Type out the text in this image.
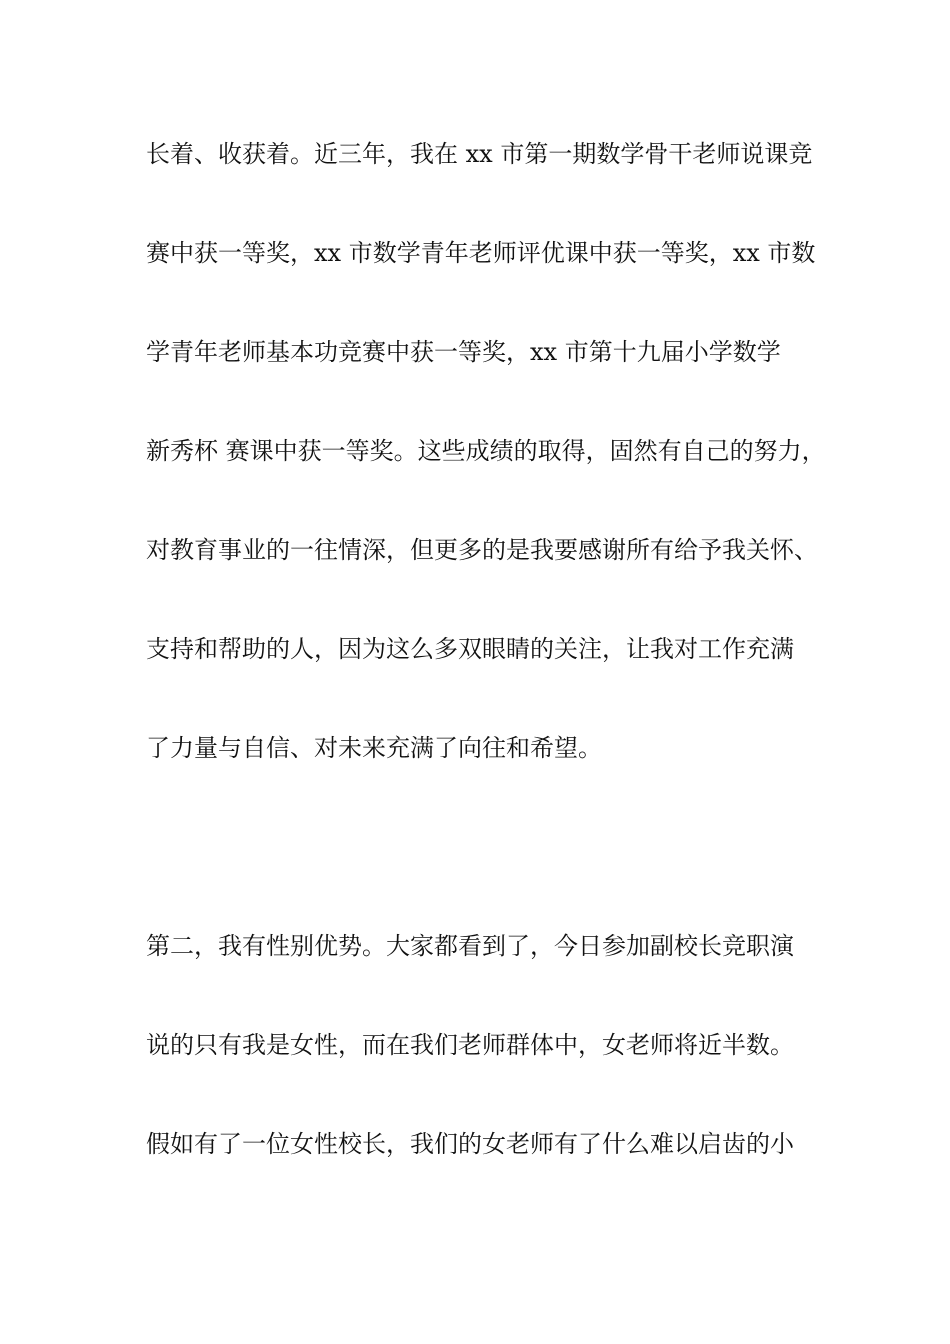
长着、收获着。近三年，我在 xx 市第一期数学骨干老师说课竞
赛中获一等奖，xx 市数学青年老师评优课中获一等奖，xx 市数
学青年老师基本功竞赛中获一等奖，xx 市第十九届小学数学
新秀杯 赛课中获一等奖。这些成绩的取得，固然有自己的努力，
对教育事业的一往情深，但更多的是我要感谢所有给予我关怀、
支持和帮助的人，因为这么多双眼睛的关注，让我对工作充满
了力量与自信、对未来充满了向往和希望。
第二，我有性别优势。大家都看到了，今日参加副校长竞职演
说的只有我是女性，而在我们老师群体中，女老师将近半数。
假如有了一位女性校长，我们的女老师有了什么难以启齿的小
